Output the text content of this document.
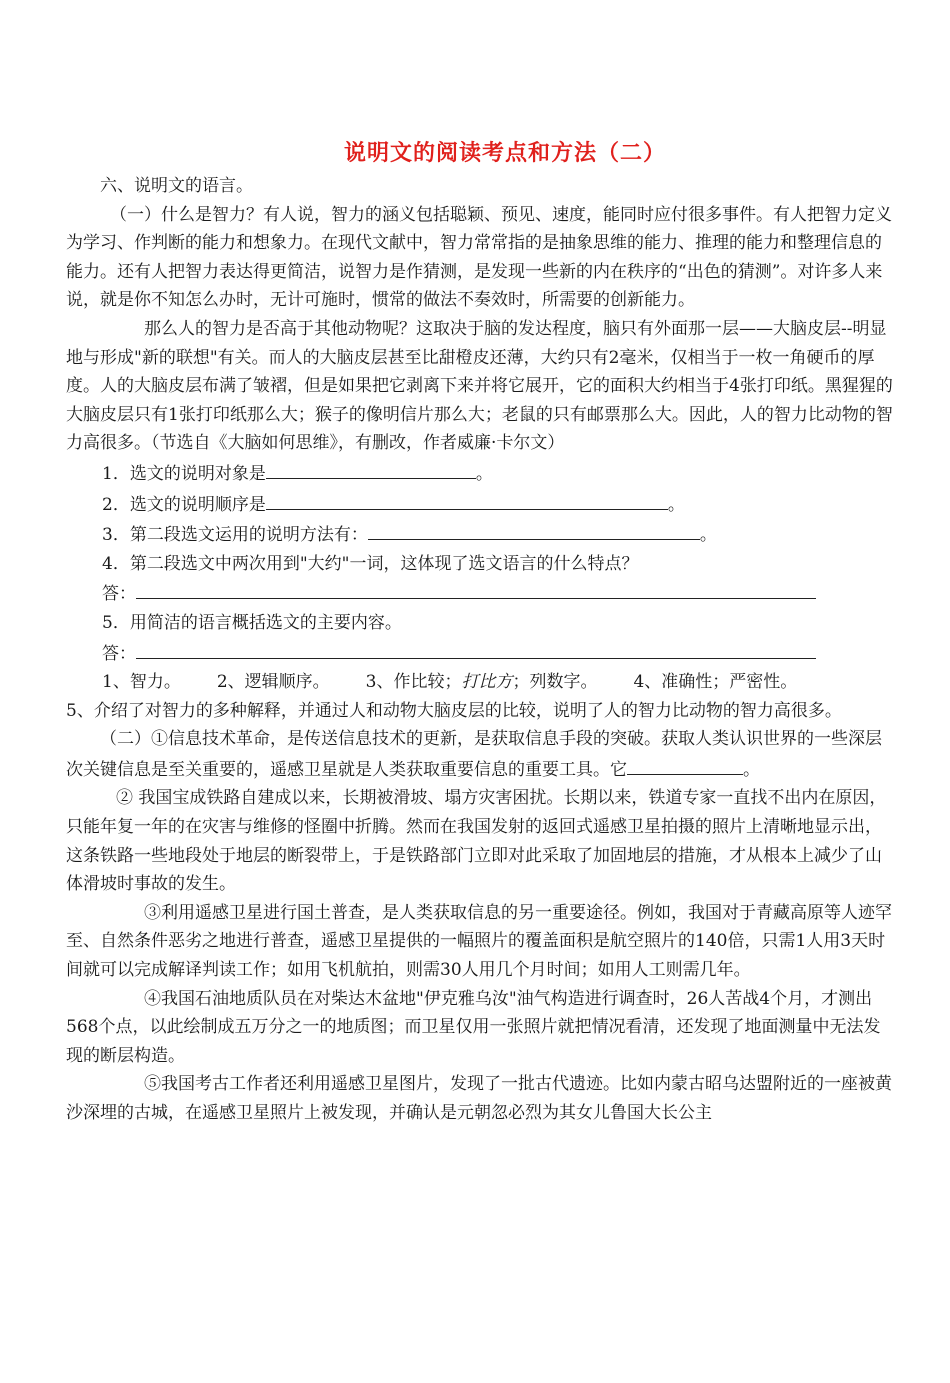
说明文的阅读考点和方法（二）

六、说明文的语言。

（一）什么是智力？有人说，智力的涵义包括聪颖、预见、速度，能同时应付很多事件。有人把智力定义为学习、作判断的能力和想象力。在现代文献中，智力常常指的是抽象思维的能力、推理的能力和整理信息的能力。还有人把智力表达得更简洁，说智力是作猜测，是发现一些新的内在秩序的“出色的猜测”。对许多人来说，就是你不知怎么办时，无计可施时，惯常的做法不奏效时，所需要的创新能力。

那么人的智力是否高于其他动物呢？这取决于脑的发达程度，脑只有外面那一层——大脑皮层--明显地与形成"新的联想"有关。而人的大脑皮层甚至比甜橙皮还薄，大约只有2毫米，仅相当于一枚一角硬币的厚度。人的大脑皮层布满了皱褶，但是如果把它剥离下来并将它展开，它的面积大约相当于4张打印纸。黑猩猩的大脑皮层只有1张打印纸那么大；猴子的像明信片那么大；老鼠的只有邮票那么大。因此，人的智力比动物的智力高很多。（节选自《大脑如何思维》，有删改，作者威廉·卡尔文）

1．选文的说明对象是	。

2．选文的说明顺序是	。

3．第二段选文运用的说明方法有：	。

4．第二段选文中两次用到"大约"一词，这体现了选文语言的什么特点？

答：

5．用简洁的语言概括选文的主要内容。

答：

1、智力。 2、逻辑顺序。 3、作比较；打比方；列数字。 4、准确性；严密性。

5、介绍了对智力的多种解释，并通过人和动物大脑皮层的比较，说明了人的智力比动物的智力高很多。

（二）①信息技术革命，是传送信息技术的更新，是获取信息手段的突破。获取人类认识世界的一些深层次关键信息是至关重要的，遥感卫星就是人类获取重要信息的重要工具。它	。

② 我国宝成铁路自建成以来，长期被滑坡、塌方灾害困扰。长期以来，铁道专家一直找不出内在原因，只能年复一年的在灾害与维修的怪圈中折腾。然而在我国发射的返回式遥感卫星拍摄的照片上清晰地显示出，这条铁路一些地段处于地层的断裂带上，于是铁路部门立即对此采取了加固地层的措施，才从根本上减少了山体滑坡时事故的发生。

③利用遥感卫星进行国土普查，是人类获取信息的另一重要途径。例如，我国对于青藏高原等人迹罕至、自然条件恶劣之地进行普查，遥感卫星提供的一幅照片的覆盖面积是航空照片的140倍，只需1人用3天时间就可以完成解译判读工作；如用飞机航拍，则需30人用几个月时间；如用人工则需几年。

④我国石油地质队员在对柴达木盆地"伊克雅乌汝"油气构造进行调查时，26人苦战4个月，才测出568个点，以此绘制成五万分之一的地质图；而卫星仅用一张照片就把情况看清，还发现了地面测量中无法发现的断层构造。

⑤我国考古工作者还利用遥感卫星图片，发现了一批古代遗迹。比如内蒙古昭乌达盟附近的一座被黄沙深埋的古城，在遥感卫星照片上被发现，并确认是元朝忽必烈为其女儿鲁国大长公主
